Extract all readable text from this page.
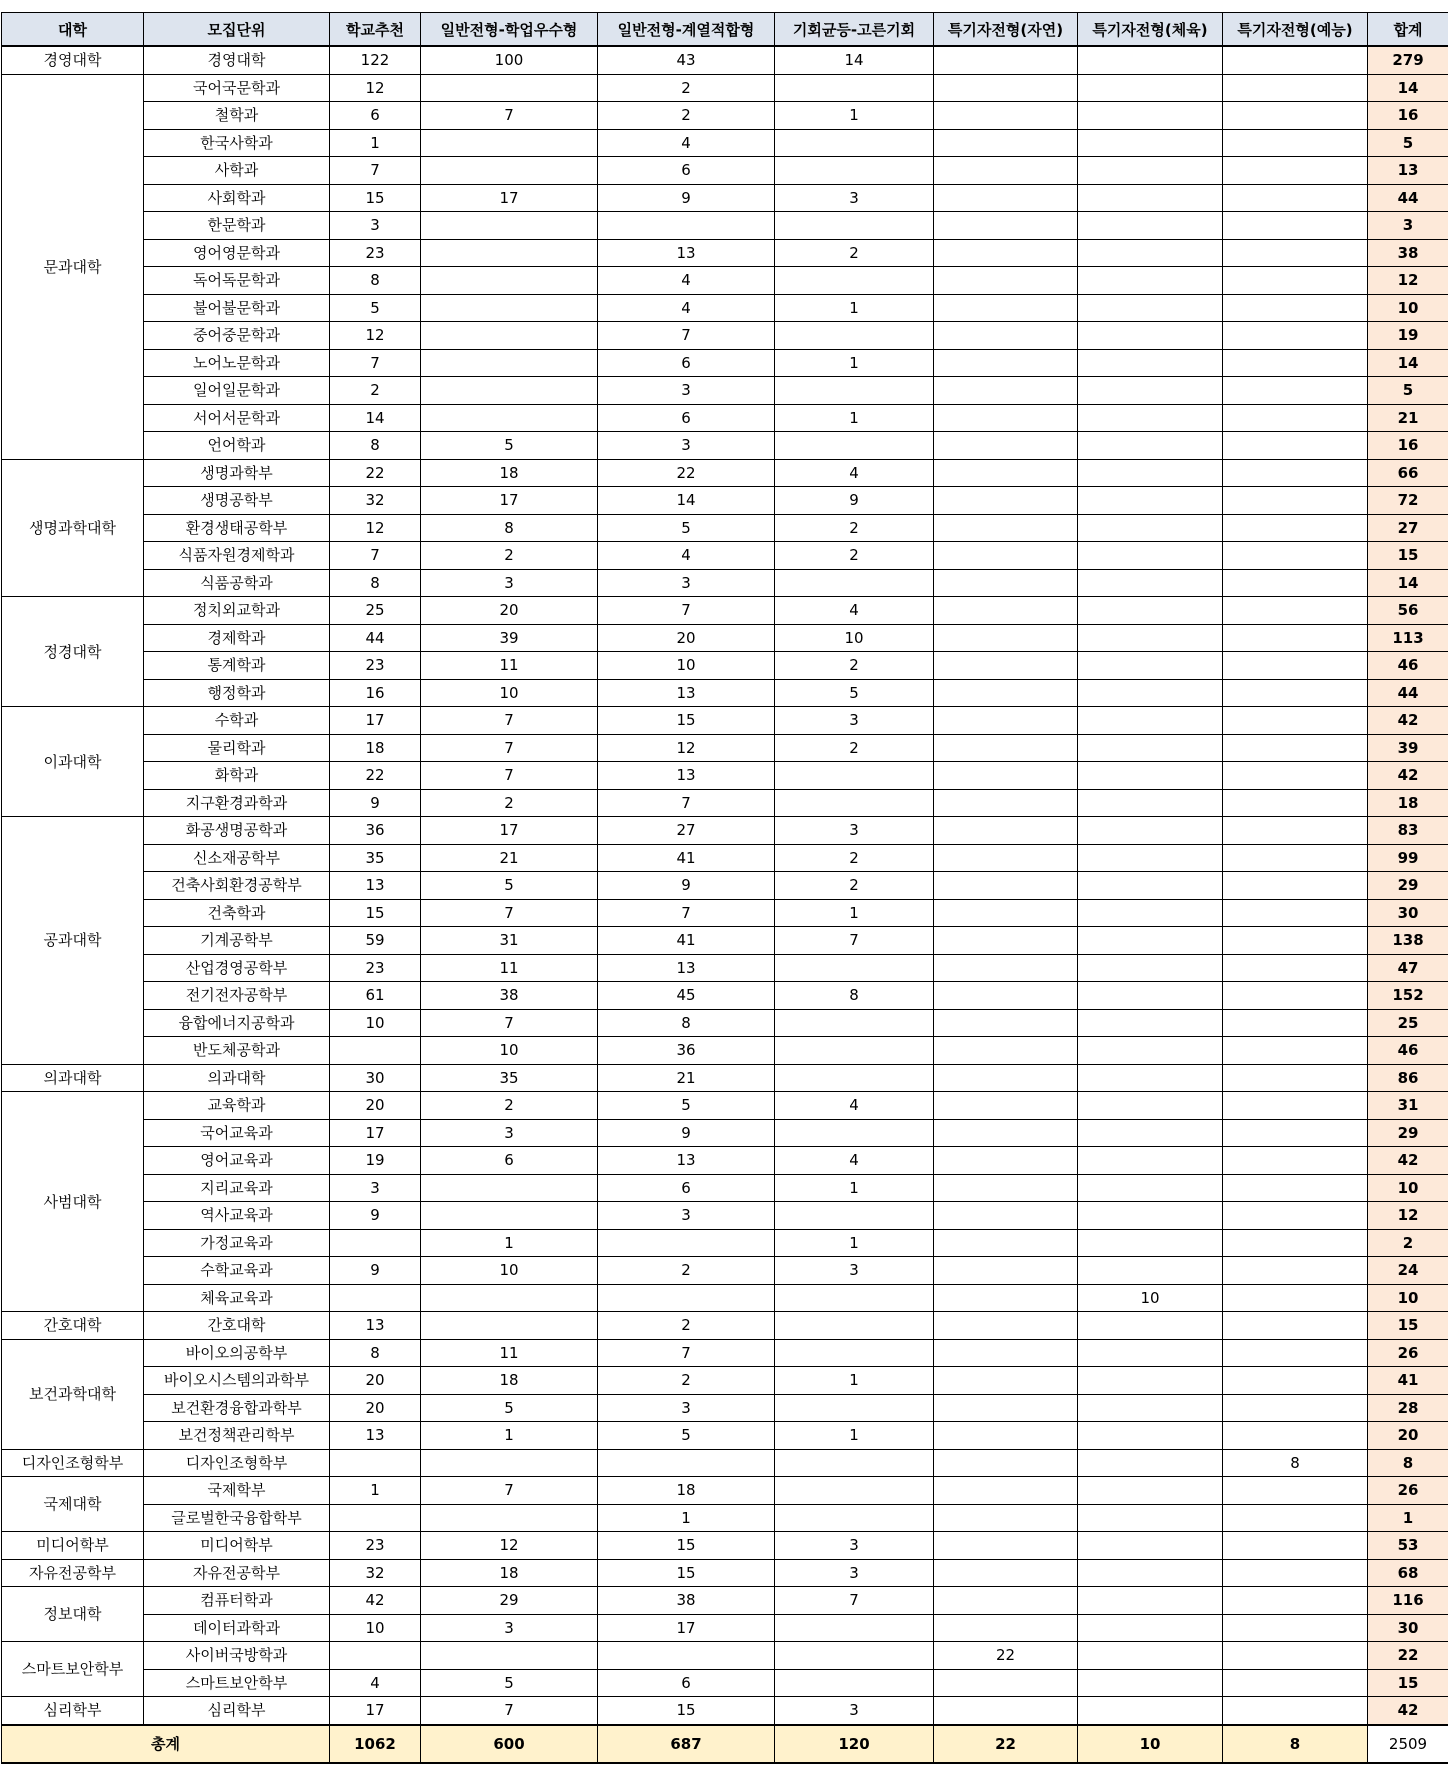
대학	모집단위	학교추천	일반전형-학업우수형	일반전형-계열적합형	기회균등-고른기회	특기자전형(자연)	특기자전형(체육)	특기자전형(예능)	합계
경영대학	경영대학	122	100	43	14				279
문과대학	국어국문학과	12		2					14
	철학과	6	7	2	1				16
	한국사학과	1		4					5
	사학과	7		6					13
	사회학과	15	17	9	3				44
	한문학과	3							3
	영어영문학과	23		13	2				38
	독어독문학과	8		4					12
	불어불문학과	5		4	1				10
	중어중문학과	12		7					19
	노어노문학과	7		6	1				14
	일어일문학과	2		3					5
	서어서문학과	14		6	1				21
	언어학과	8	5	3					16
생명과학대학	생명과학부	22	18	22	4				66
	생명공학부	32	17	14	9				72
	환경생태공학부	12	8	5	2				27
	식품자원경제학과	7	2	4	2				15
	식품공학과	8	3	3					14
정경대학	정치외교학과	25	20	7	4				56
	경제학과	44	39	20	10				113
	통계학과	23	11	10	2				46
	행정학과	16	10	13	5				44
이과대학	수학과	17	7	15	3				42
	물리학과	18	7	12	2				39
	화학과	22	7	13					42
	지구환경과학과	9	2	7					18
공과대학	화공생명공학과	36	17	27	3				83
	신소재공학부	35	21	41	2				99
	건축사회환경공학부	13	5	9	2				29
	건축학과	15	7	7	1				30
	기계공학부	59	31	41	7				138
	산업경영공학부	23	11	13					47
	전기전자공학부	61	38	45	8				152
	융합에너지공학과	10	7	8					25
	반도체공학과		10	36					46
의과대학	의과대학	30	35	21					86
사범대학	교육학과	20	2	5	4				31
	국어교육과	17	3	9					29
	영어교육과	19	6	13	4				42
	지리교육과	3		6	1				10
	역사교육과	9		3					12
	가정교육과		1		1				2
	수학교육과	9	10	2	3				24
	체육교육과						10		10
간호대학	간호대학	13		2					15
보건과학대학	바이오의공학부	8	11	7					26
	바이오시스템의과학부	20	18	2	1				41
	보건환경융합과학부	20	5	3					28
	보건정책관리학부	13	1	5	1				20
디자인조형학부	디자인조형학부							8	8
국제대학	국제학부	1	7	18					26
	글로벌한국융합학부			1					1
미디어학부	미디어학부	23	12	15	3				53
자유전공학부	자유전공학부	32	18	15	3				68
정보대학	컴퓨터학과	42	29	38	7				116
	데이터과학과	10	3	17					30
스마트보안학부	사이버국방학과					22			22
	스마트보안학부	4	5	6					15
심리학부	심리학부	17	7	15	3				42
총계		1062	600	687	120	22	10	8	2509
